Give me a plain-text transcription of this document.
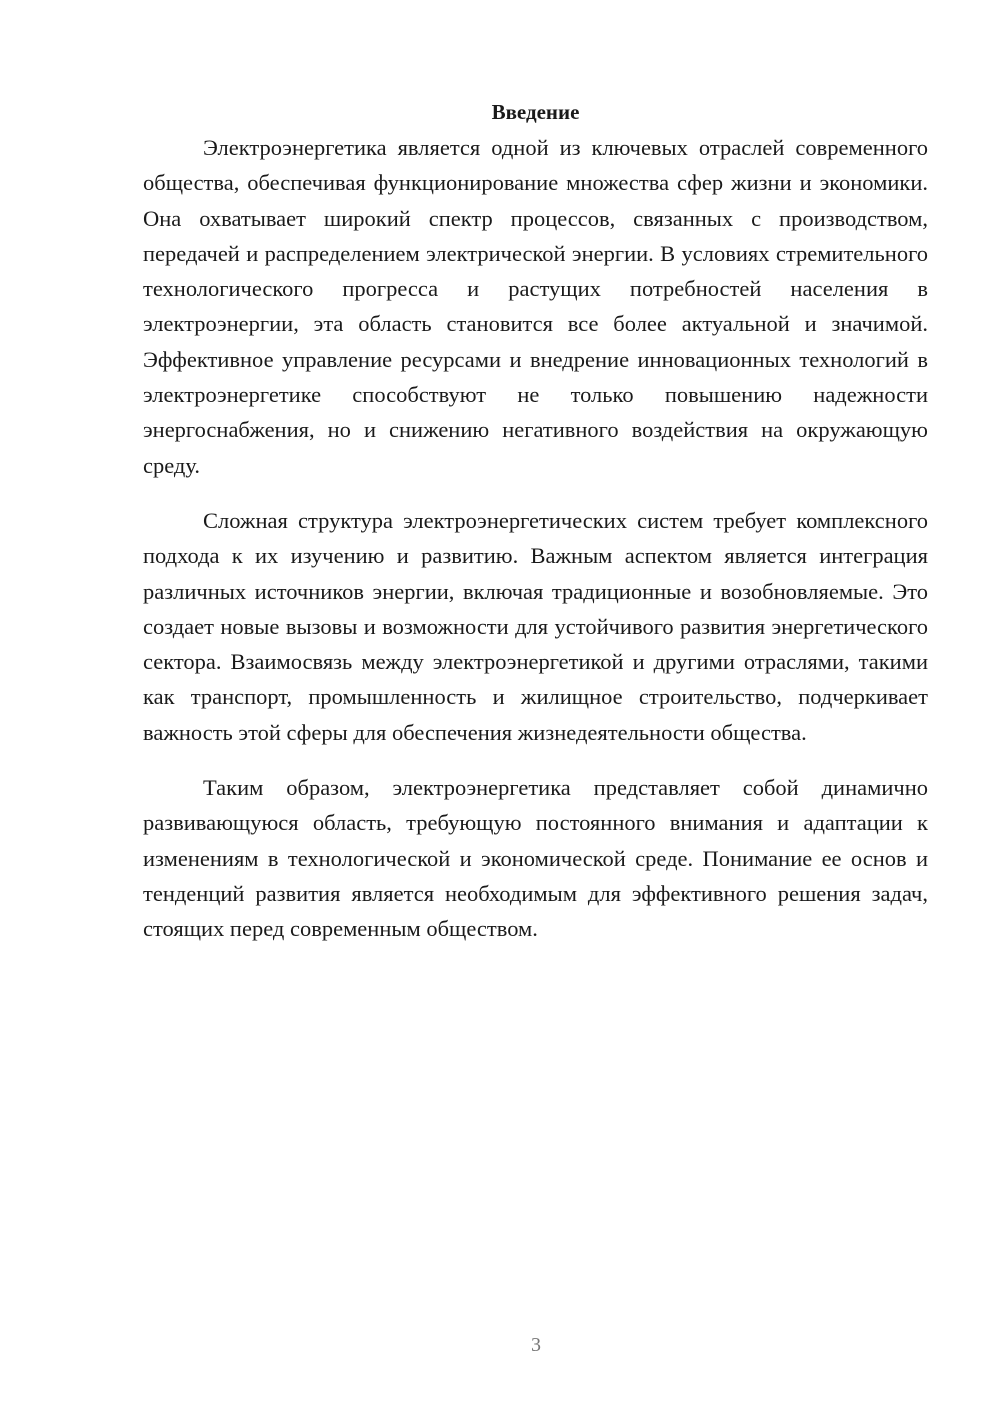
Введение

Электроэнергетика является одной из ключевых отраслей современного общества, обеспечивая функционирование множества сфер жизни и экономики. Она охватывает широкий спектр процессов, связанных с производством, передачей и распределением электрической энергии. В условиях стремительного технологического прогресса и растущих потребностей населения в электроэнергии, эта область становится все более актуальной и значимой. Эффективное управление ресурсами и внедрение инновационных технологий в электроэнергетике способствуют не только повышению надежности энергоснабжения, но и снижению негативного воздействия на окружающую среду.

Сложная структура электроэнергетических систем требует комплексного подхода к их изучению и развитию. Важным аспектом является интеграция различных источников энергии, включая традиционные и возобновляемые. Это создает новые вызовы и возможности для устойчивого развития энергетического сектора. Взаимосвязь между электроэнергетикой и другими отраслями, такими как транспорт, промышленность и жилищное строительство, подчеркивает важность этой сферы для обеспечения жизнедеятельности общества.

Таким образом, электроэнергетика представляет собой динамично развивающуюся область, требующую постоянного внимания и адаптации к изменениям в технологической и экономической среде. Понимание ее основ и тенденций развития является необходимым для эффективного решения задач, стоящих перед современным обществом.

3
